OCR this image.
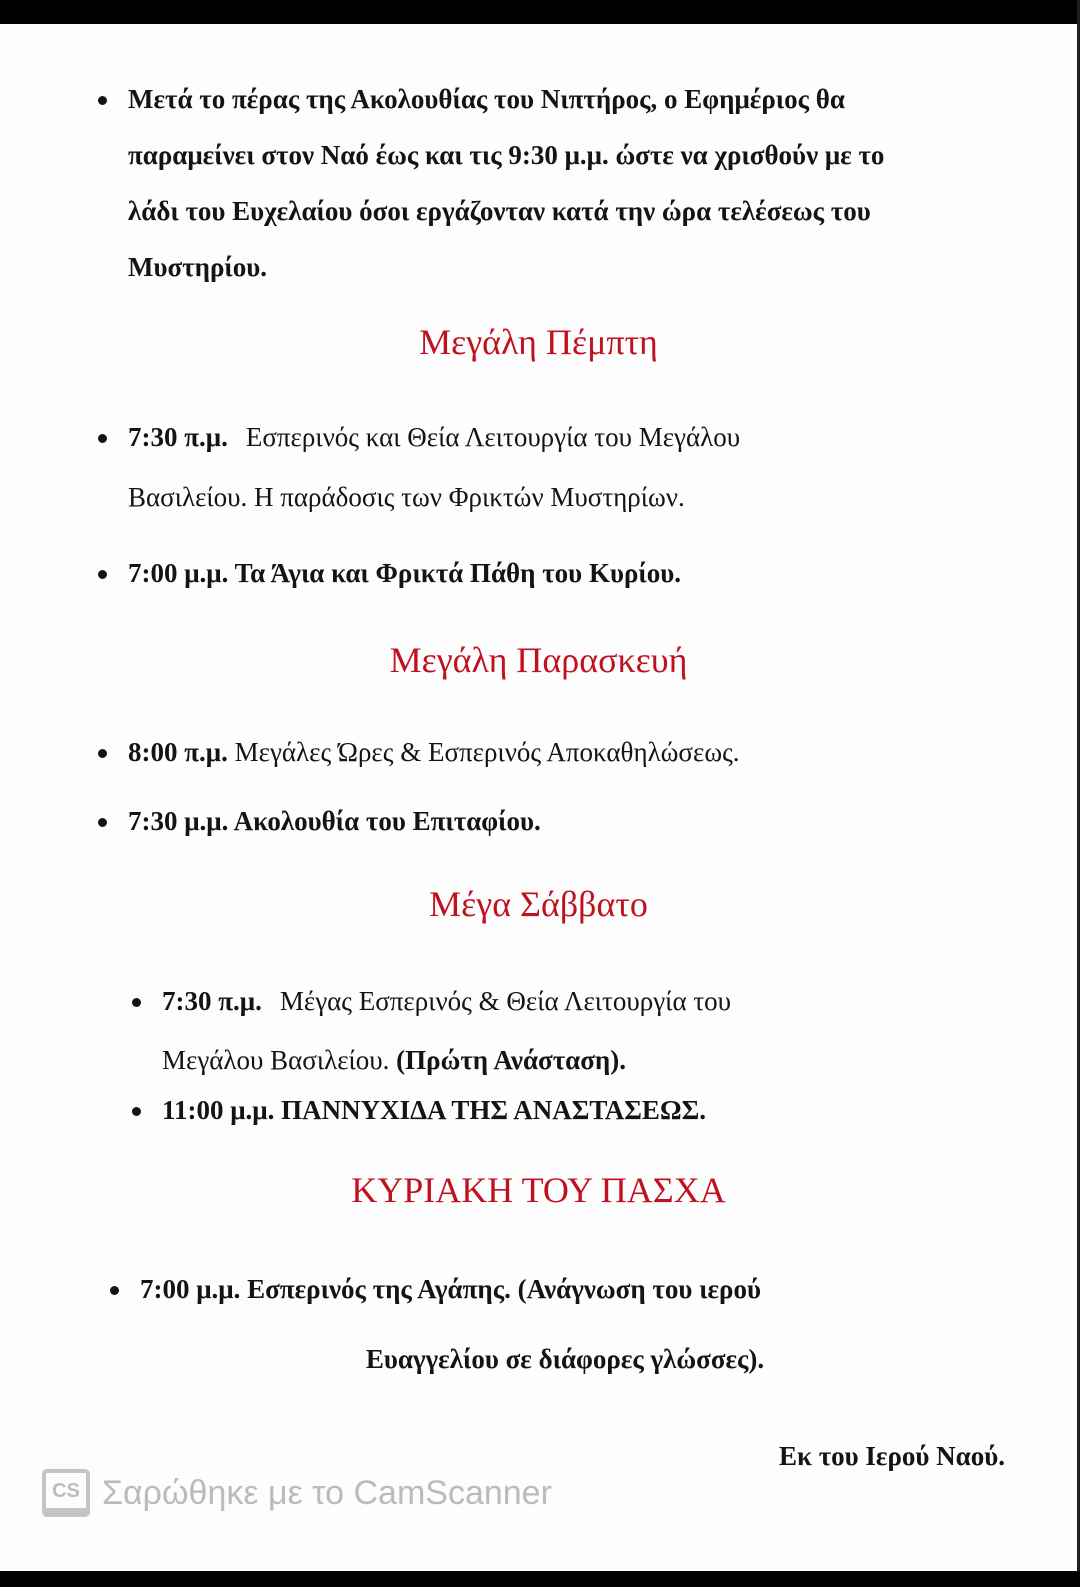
Μετά το πέρας της Ακολουθίας του Νιπτήρος, ο Εφημέριος θα
παραμείνει στον Ναό έως και τις 9:30 μ.μ. ώστε να χρισθούν με το
λάδι του Ευχελαίου όσοι εργάζονταν κατά την ώρα τελέσεως του
Μυστηρίου.
Μεγάλη Πέμπτη
7:30 π.μ. Εσπερινός και Θεία Λειτουργία του Μεγάλου
Βασιλείου. Η παράδοσις των Φρικτών Μυστηρίων.
7:00 μ.μ. Τα Άγια και Φρικτά Πάθη του Κυρίου.
Μεγάλη Παρασκευή
8:00 π.μ. Μεγάλες Ώρες & Εσπερινός Αποκαθηλώσεως.
7:30 μ.μ. Ακολουθία του Επιταφίου.
Μέγα Σάββατο
7:30 π.μ. Μέγας Εσπερινός & Θεία Λειτουργία του
Μεγάλου Βασιλείου. (Πρώτη Ανάσταση).
11:00 μ.μ. ΠΑΝΝΥΧΙΔΑ ΤΗΣ ΑΝΑΣΤΑΣΕΩΣ.
ΚΥΡΙΑΚΗ ΤΟΥ ΠΑΣΧΑ
7:00 μ.μ. Εσπερινός της Αγάπης. (Ανάγνωση του ιερού
Ευαγγελίου σε διάφορες γλώσσες).
Εκ του Ιερού Ναού.
CS Σαρώθηκε με το CamScanner
